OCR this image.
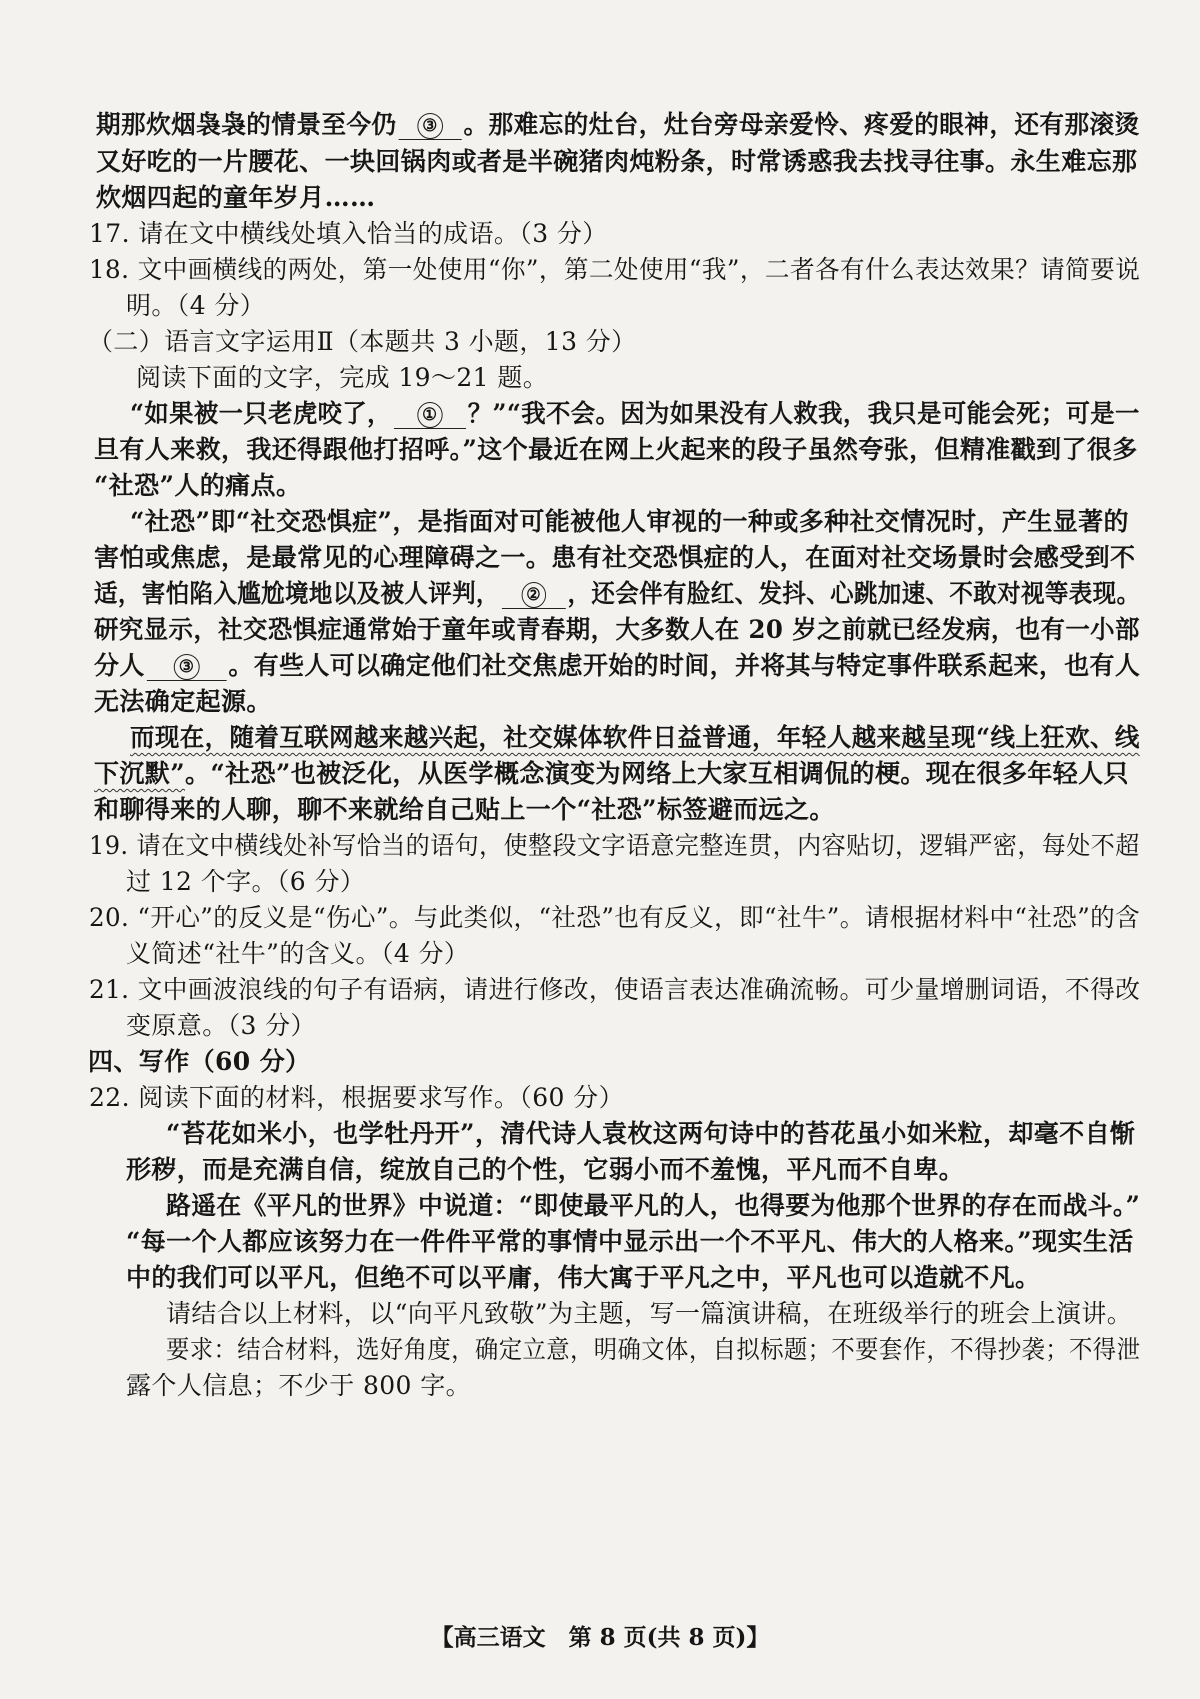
期那炊烟袅袅的情景至今仍 ③ 。那难忘的灶台，灶台旁母亲爱怜、疼爱的眼神，还有那滚烫
又好吃的一片腰花、一块回锅肉或者是半碗猪肉炖粉条，时常诱惑我去找寻往事。永生难忘那
炊烟四起的童年岁月……
17. 请在文中横线处填入恰当的成语。（3 分）
18. 文中画横线的两处，第一处使用“你”，第二处使用“我”，二者各有什么表达效果？请简要说
明。（4 分）
（二）语言文字运用Ⅱ（本题共 3 小题，13 分）
阅读下面的文字，完成 19～21 题。
“如果被一只老虎咬了， ① ？”“我不会。因为如果没有人救我，我只是可能会死；可是一
旦有人来救，我还得跟他打招呼。”这个最近在网上火起来的段子虽然夸张，但精准戳到了很多
“社恐”人的痛点。
“社恐”即“社交恐惧症”，是指面对可能被他人审视的一种或多种社交情况时，产生显著的
害怕或焦虑，是最常见的心理障碍之一。患有社交恐惧症的人，在面对社交场景时会感受到不
适，害怕陷入尴尬境地以及被人评判， ② ，还会伴有脸红、发抖、心跳加速、不敢对视等表现。
研究显示，社交恐惧症通常始于童年或青春期，大多数人在 20 岁之前就已经发病，也有一小部
分人 ③ 。有些人可以确定他们社交焦虑开始的时间，并将其与特定事件联系起来，也有人
无法确定起源。
而现在，随着互联网越来越兴起，社交媒体软件日益普通，年轻人越来越呈现“线上狂欢、线
下沉默”。“社恐”也被泛化，从医学概念演变为网络上大家互相调侃的梗。现在很多年轻人只
和聊得来的人聊，聊不来就给自己贴上一个“社恐”标签避而远之。
19. 请在文中横线处补写恰当的语句，使整段文字语意完整连贯，内容贴切，逻辑严密，每处不超
过 12 个字。（6 分）
20. “开心”的反义是“伤心”。与此类似，“社恐”也有反义，即“社牛”。请根据材料中“社恐”的含
义简述“社牛”的含义。（4 分）
21. 文中画波浪线的句子有语病，请进行修改，使语言表达准确流畅。可少量增删词语，不得改
变原意。（3 分）
四、写作（60 分）
22. 阅读下面的材料，根据要求写作。（60 分）
“苔花如米小，也学牡丹开”，清代诗人袁枚这两句诗中的苔花虽小如米粒，却毫不自惭
形秽，而是充满自信，绽放自己的个性，它弱小而不羞愧，平凡而不自卑。
路遥在《平凡的世界》中说道：“即使最平凡的人，也得要为他那个世界的存在而战斗。”
“每一个人都应该努力在一件件平常的事情中显示出一个不平凡、伟大的人格来。”现实生活
中的我们可以平凡，但绝不可以平庸，伟大寓于平凡之中，平凡也可以造就不凡。
请结合以上材料，以“向平凡致敬”为主题，写一篇演讲稿，在班级举行的班会上演讲。
要求：结合材料，选好角度，确定立意，明确文体，自拟标题；不要套作，不得抄袭；不得泄
露个人信息；不少于 800 字。
【高三语文　第 8 页(共 8 页)】
